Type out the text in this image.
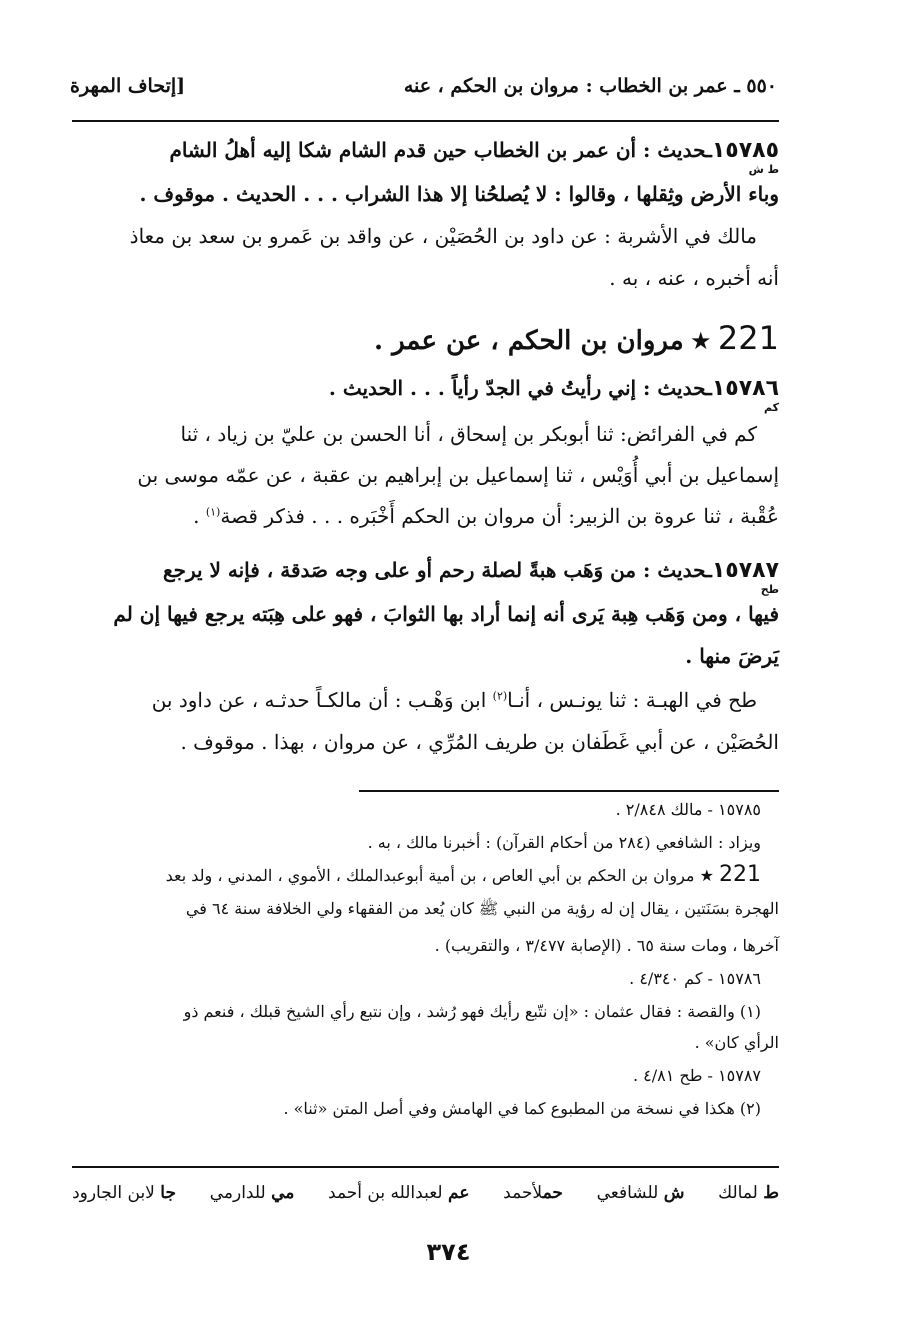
٥٥٠ ـ عمر بن الخطاب : مروان بن الحكم ، عنه
[إتحاف المهرة
١٥٧٨٥ـحديث : أن عمر بن الخطاب حين قدم الشام شكا إليه أهلُ الشام
ط ش
وباء الأرض وثِقلها ، وقالوا : لا يُصلحُنا إلا هذا الشراب . . . الحديث . موقوف .
مالك في الأشربة : عن داود بن الحُصَيْن ، عن واقد بن عَمرو بن سعد بن معاذ
أنه أخبره ، عنه ، به .
221 ★ مروان بن الحكم ، عن عمر .
١٥٧٨٦ـحديث : إني رأيتُ في الجدّ رأياً . . . الحديث .
كم
كم في الفرائض: ثنا أبوبكر بن إسحاق ، أنا الحسن بن عليّ بن زياد ، ثنا
إسماعيل بن أبي أُوَيْس ، ثنا إسماعيل بن إبراهيم بن عقبة ، عن عمّه موسى بن
عُقْبة ، ثنا عروة بن الزبير: أن مروان بن الحكم أَخْبَره . . . فذكر قصة$^{(١)}$ .
١٥٧٨٧ـحديث : من وَهَب هبةً لصلة رحم أو على وجه صَدقة ، فإنه لا يرجع
طح
فيها ، ومن وَهَب هِبة يَرى أنه إنما أراد بها الثوابَ ، فهو على هِبَته يرجع فيها إن لم
يَرضَ منها .
طح في الهبـة : ثنا يونـس ، أنـا$^{(٢)}$ ابن وَهْـب : أن مالكـاً حدثـه ، عن داود بن
الحُصَيْن ، عن أبي غَطَفان بن طريف المُرِّي ، عن مروان ، بهذا . موقوف .
١٥٧٨٥ - مالك ٢/٨٤٨ .
ويزاد : الشافعي (٢٨٤ من أحكام القرآن) : أخبرنا مالك ، به .
221 ★ مروان بن الحكم بن أبي العاص ، بن أمية أبوعبدالملك ، الأموي ، المدني ، ولد بعد
الهجرة بسَنَتين ، يقال إن له رؤية من النبي ﷺ كان يُعد من الفقهاء ولي الخلافة سنة ٦٤ في
آخرها ، ومات سنة ٦٥ . (الإصابة ٣/٤٧٧ ، والتقريب) .
١٥٧٨٦ - كم ٤/٣٤٠ .
(١) والقصة : فقال عثمان : «إن نتّبع رأيك فهو رُشد ، وإن نتبع رأي الشيخ قبلك ، فنعم ذو
الرأي كان» .
١٥٧٨٧ - طح ٤/٨١ .
(٢) هكذا في نسخة من المطبوع كما في الهامش وفي أصل المتن «ثنا» .
ط لمالك
ش للشافعي
حملأحمد
عم لعبدالله بن أحمد
مي للدارمي
جا لابن الجارود
٣٧٤
